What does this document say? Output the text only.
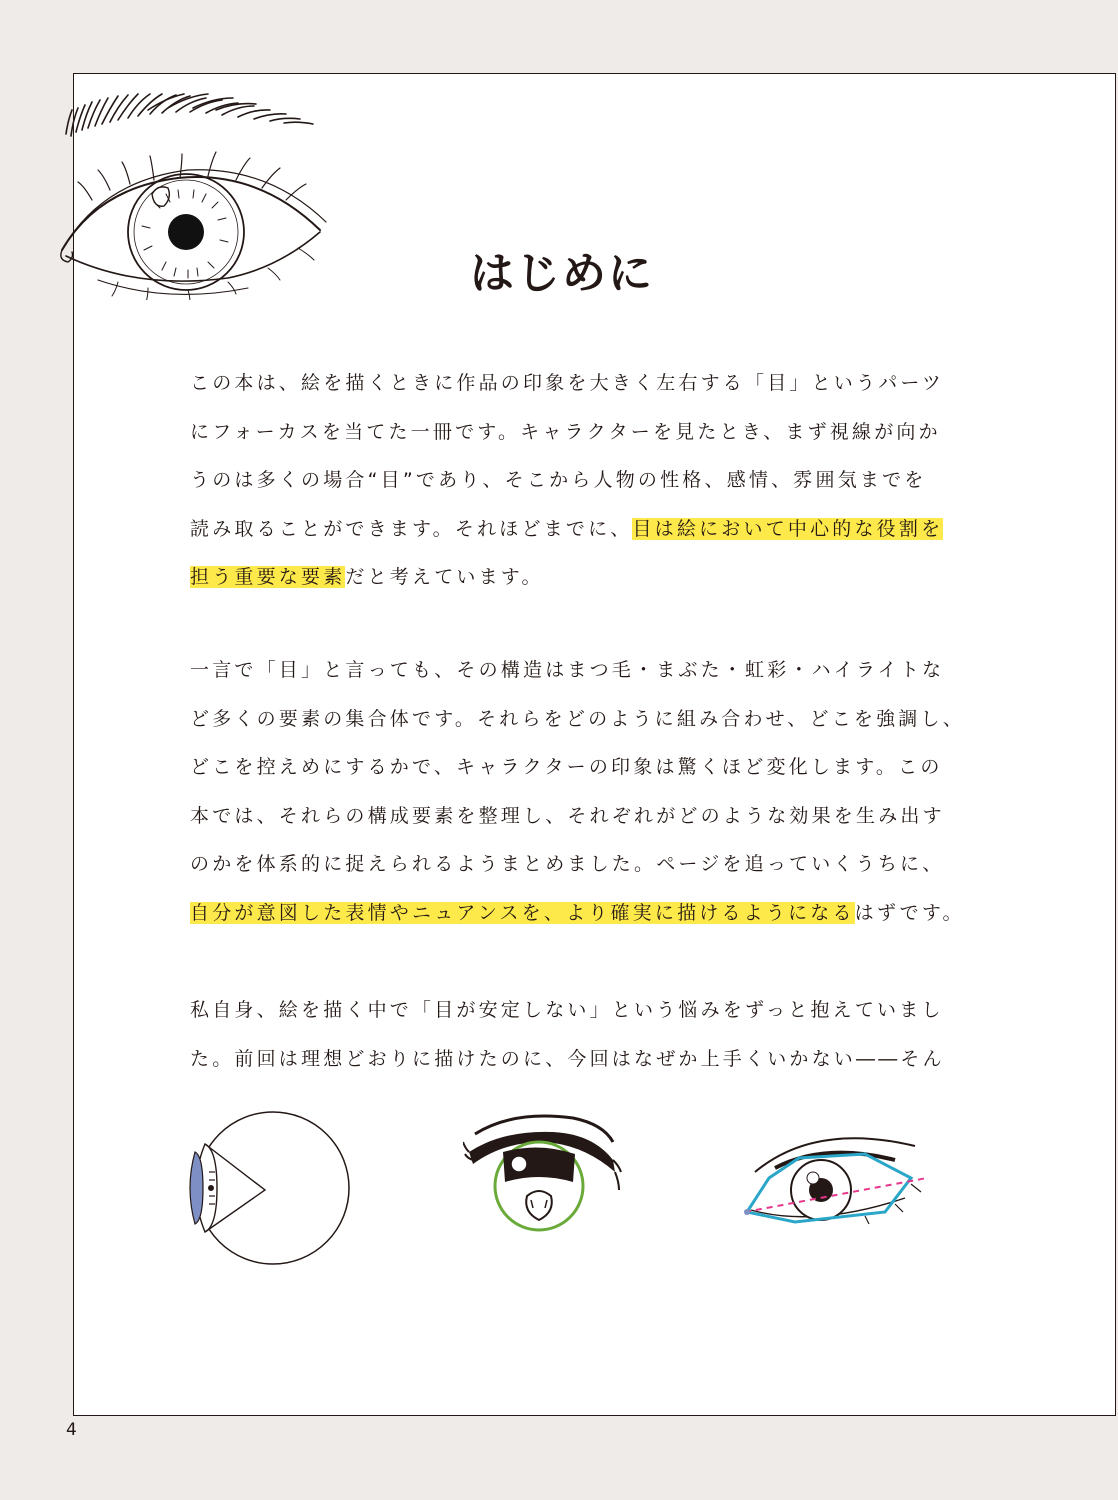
はじめに
この本は、絵を描くときに作品の印象を大きく左右する「目」というパーツ
にフォーカスを当てた一冊です。キャラクターを見たとき、まず視線が向か
うのは多くの場合“目”であり、そこから人物の性格、感情、雰囲気までを
読み取ることができます。それほどまでに、目は絵において中心的な役割を
担う重要な要素だと考えています。
一言で「目」と言っても、その構造はまつ毛・まぶた・虹彩・ハイライトな
ど多くの要素の集合体です。それらをどのように組み合わせ、どこを強調し、
どこを控えめにするかで、キャラクターの印象は驚くほど変化します。この
本では、それらの構成要素を整理し、それぞれがどのような効果を生み出す
のかを体系的に捉えられるようまとめました。ページを追っていくうちに、
自分が意図した表情やニュアンスを、より確実に描けるようになるはずです。
私自身、絵を描く中で「目が安定しない」という悩みをずっと抱えていまし
た。前回は理想どおりに描けたのに、今回はなぜか上手くいかない――そん
4
